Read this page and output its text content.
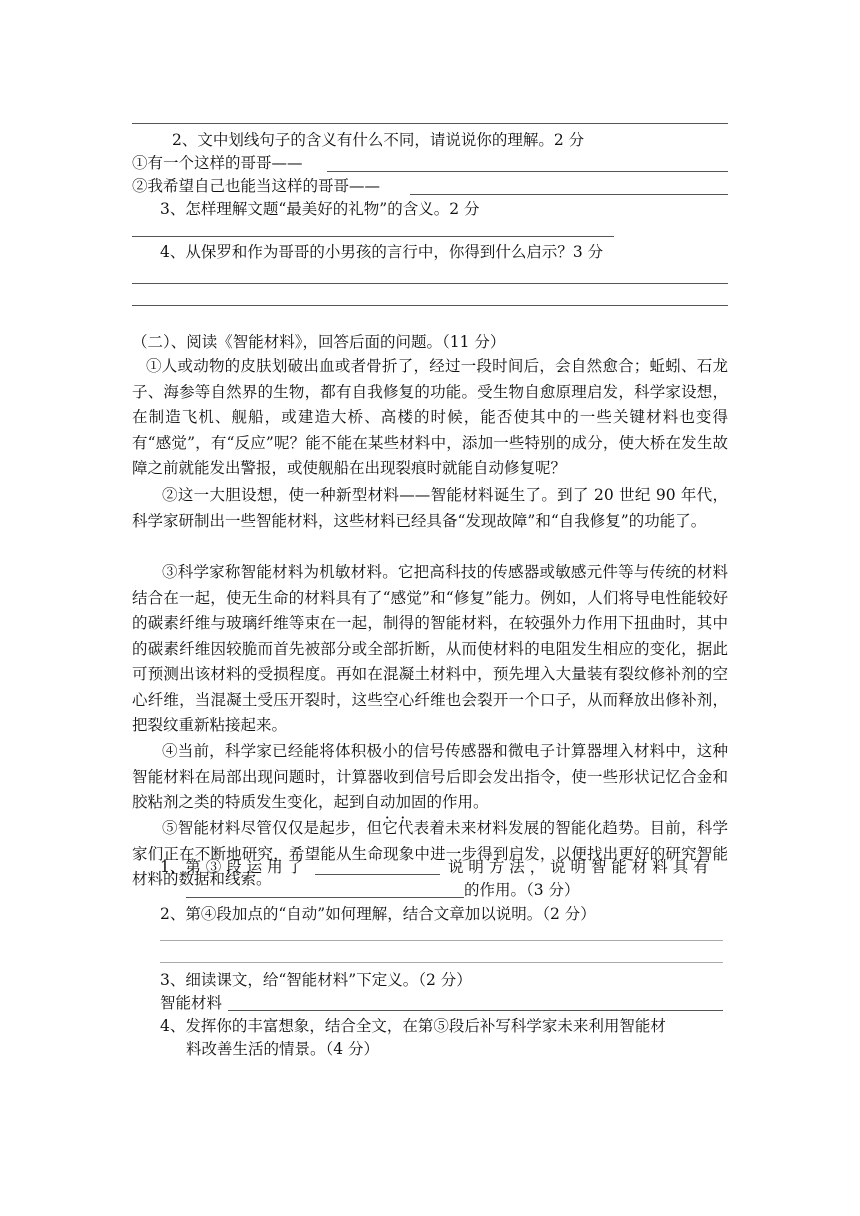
2、文中划线句子的含义有什么不同，请说说你的理解。2 分
①有一个这样的哥哥——
②我希望自己也能当这样的哥哥——
3、怎样理解文题“最美好的礼物”的含义。2 分
4、从保罗和作为哥哥的小男孩的言行中，你得到什么启示？3 分
（二）、阅读《智能材料》，回答后面的问题。（11 分）
①人或动物的皮肤划破出血或者骨折了，经过一段时间后，会自然愈合；蚯蚓、石龙子、海参等自然界的生物，都有自我修复的功能。受生物自愈原理启发，科学家设想，在制造飞机、舰船，或建造大桥、高楼的时候，能否使其中的一些关键材料也变得有“感觉”，有“反应”呢？能不能在某些材料中，添加一些特别的成分，使大桥在发生故障之前就能发出警报，或使舰船在出现裂痕时就能自动修复呢？
②这一大胆设想，使一种新型材料——智能材料诞生了。到了 20 世纪 90 年代，科学家研制出一些智能材料，这些材料已经具备“发现故障”和“自我修复”的功能了。
③科学家称智能材料为机敏材料。它把高科技的传感器或敏感元件等与传统的材料结合在一起，使无生命的材料具有了“感觉”和“修复”能力。例如，人们将导电性能较好的碳素纤维与玻璃纤维等束在一起，制得的智能材料，在较强外力作用下扭曲时，其中的碳素纤维因较脆而首先被部分或全部折断，从而使材料的电阻发生相应的变化，据此可预测出该材料的受损程度。再如在混凝土材料中，预先埋入大量装有裂纹修补剂的空心纤维，当混凝土受压开裂时，这些空心纤维也会裂开一个口子，从而释放出修补剂，把裂纹重新粘接起来。
④当前，科学家已经能将体积极小的信号传感器和微电子计算器埋入材料中，这种智能材料在局部出现问题时，计算器收到信号后即会发出指令，使一些形状记忆合金和胶粘剂之类的特质发生变化，起到自动加固的作用。
⑤智能材料尽管仅仅是起步，但它代表着未来材料发展的智能化趋势。目前，科学家们正在不断地研究，希望能从生命现象中进一步得到启发，以便找出更好的研究智能材料的数据和线索。
1、第 ③ 段 运 用 了	说 明 方 法 ， 说 明 智 能 材 料 具 有
的作用。（3 分）
2、第④段加点的“自动”如何理解，结合文章加以说明。（2 分）
3、细读课文，给“智能材料”下定义。（2 分）
智能材料
4、发挥你的丰富想象，结合全文，在第⑤段后补写科学家未来利用智能材
料改善生活的情景。（4 分）
